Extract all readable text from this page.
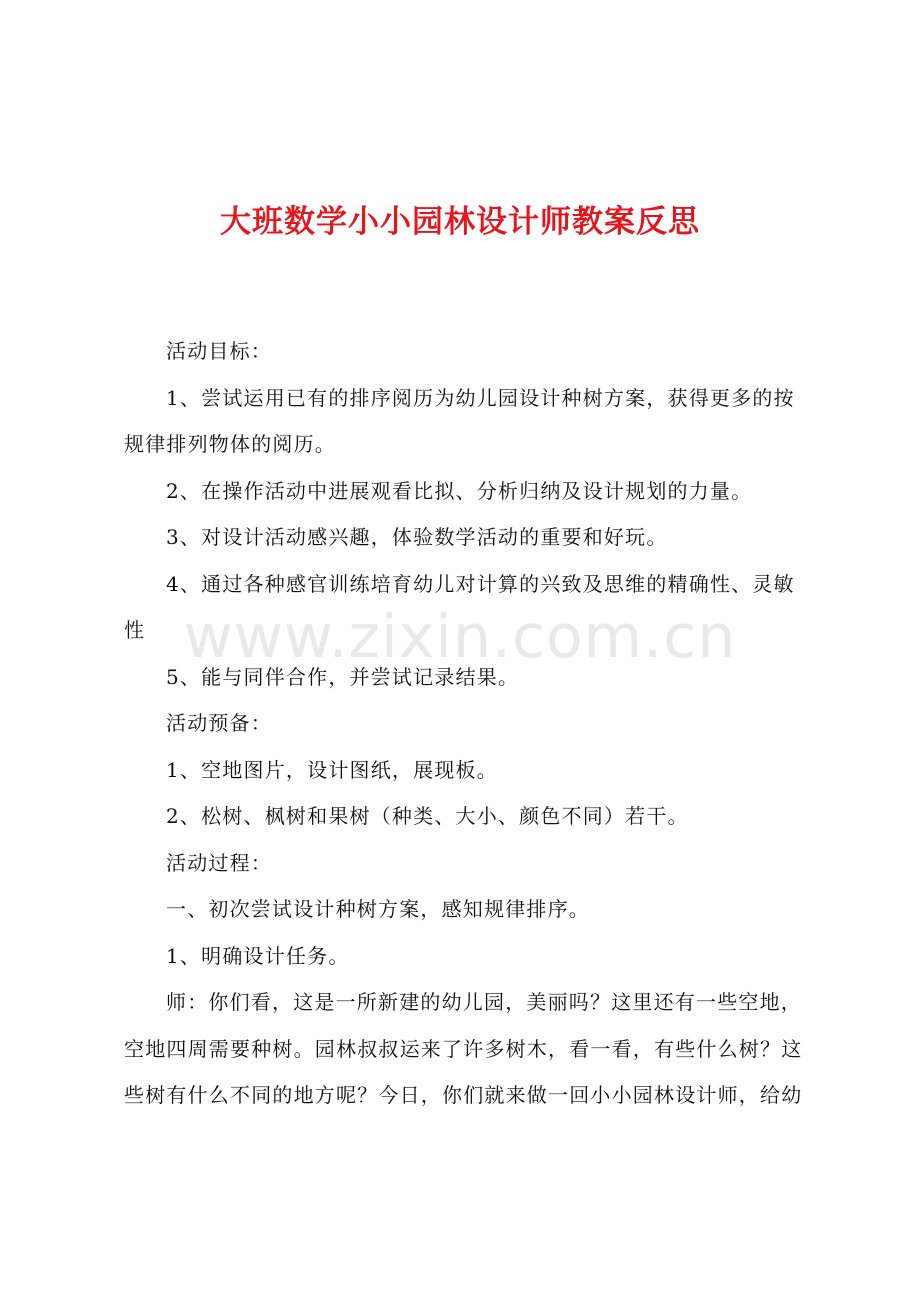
大班数学小小园林设计师教案反思

活动目标：

1、尝试运用已有的排序阅历为幼儿园设计种树方案，获得更多的按规律排列物体的阅历。

2、在操作活动中进展观看比拟、分析归纳及设计规划的力量。

3、对设计活动感兴趣，体验数学活动的重要和好玩。

4、通过各种感官训练培育幼儿对计算的兴致及思维的精确性、灵敏性

5、能与同伴合作，并尝试记录结果。

活动预备：

1、空地图片，设计图纸，展现板。

2、松树、枫树和果树（种类、大小、颜色不同）若干。

活动过程：

一、初次尝试设计种树方案，感知规律排序。

1、明确设计任务。

师：你们看，这是一所新建的幼儿园，美丽吗？这里还有一些空地，空地四周需要种树。园林叔叔运来了许多树木，看一看，有些什么树？这些树有什么不同的地方呢？今日，你们就来做一回小小园林设计师，给幼

www.zixin.com.cn
